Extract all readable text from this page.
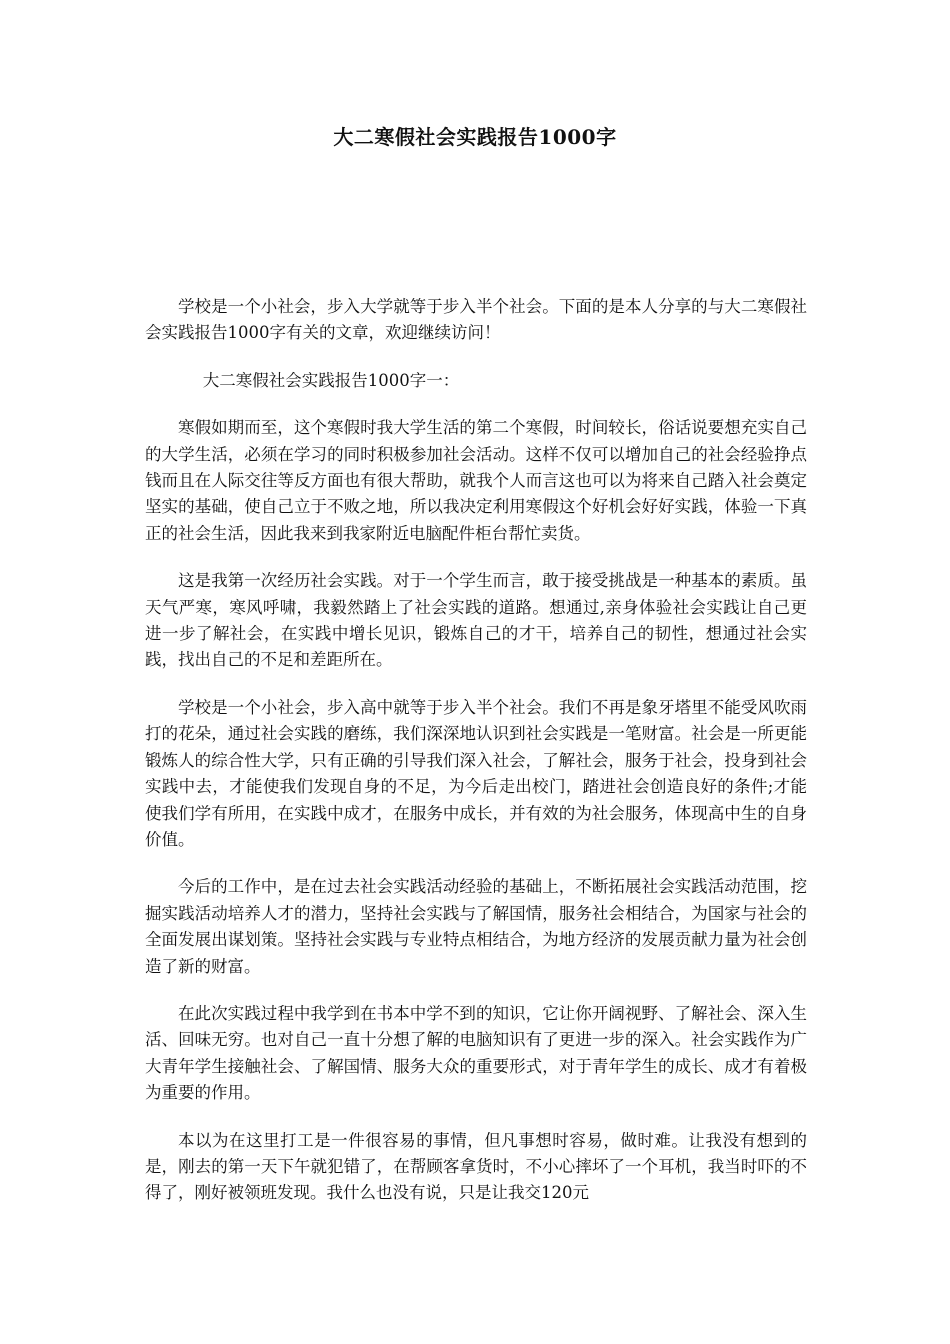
大二寒假社会实践报告1000字

学校是一个小社会，步入大学就等于步入半个社会。下面的是本人分享的与大二寒假社会实践报告1000字有关的文章，欢迎继续访问！

大二寒假社会实践报告1000字一：

寒假如期而至，这个寒假时我大学生活的第二个寒假，时间较长，俗话说要想充实自己的大学生活，必须在学习的同时积极参加社会活动。这样不仅可以增加自己的社会经验挣点钱而且在人际交往等反方面也有很大帮助，就我个人而言这也可以为将来自己踏入社会奠定坚实的基础，使自己立于不败之地，所以我决定利用寒假这个好机会好好实践，体验一下真正的社会生活，因此我来到我家附近电脑配件柜台帮忙卖货。

这是我第一次经历社会实践。对于一个学生而言，敢于接受挑战是一种基本的素质。虽天气严寒，寒风呼啸，我毅然踏上了社会实践的道路。想通过,亲身体验社会实践让自己更进一步了解社会，在实践中增长见识，锻炼自己的才干，培养自己的韧性，想通过社会实践，找出自己的不足和差距所在。

学校是一个小社会，步入高中就等于步入半个社会。我们不再是象牙塔里不能受风吹雨打的花朵，通过社会实践的磨练，我们深深地认识到社会实践是一笔财富。社会是一所更能锻炼人的综合性大学，只有正确的引导我们深入社会，了解社会，服务于社会，投身到社会实践中去，才能使我们发现自身的不足，为今后走出校门，踏进社会创造良好的条件;才能使我们学有所用，在实践中成才，在服务中成长，并有效的为社会服务，体现高中生的自身价值。

今后的工作中，是在过去社会实践活动经验的基础上，不断拓展社会实践活动范围，挖掘实践活动培养人才的潜力，坚持社会实践与了解国情，服务社会相结合，为国家与社会的全面发展出谋划策。坚持社会实践与专业特点相结合，为地方经济的发展贡献力量为社会创造了新的财富。

在此次实践过程中我学到在书本中学不到的知识，它让你开阔视野、了解社会、深入生活、回味无穷。也对自己一直十分想了解的电脑知识有了更进一步的深入。社会实践作为广大青年学生接触社会、了解国情、服务大众的重要形式，对于青年学生的成长、成才有着极为重要的作用。

本以为在这里打工是一件很容易的事情，但凡事想时容易，做时难。让我没有想到的是，刚去的第一天下午就犯错了，在帮顾客拿货时，不小心摔坏了一个耳机，我当时吓的不得了，刚好被领班发现。我什么也没有说，只是让我交120元
